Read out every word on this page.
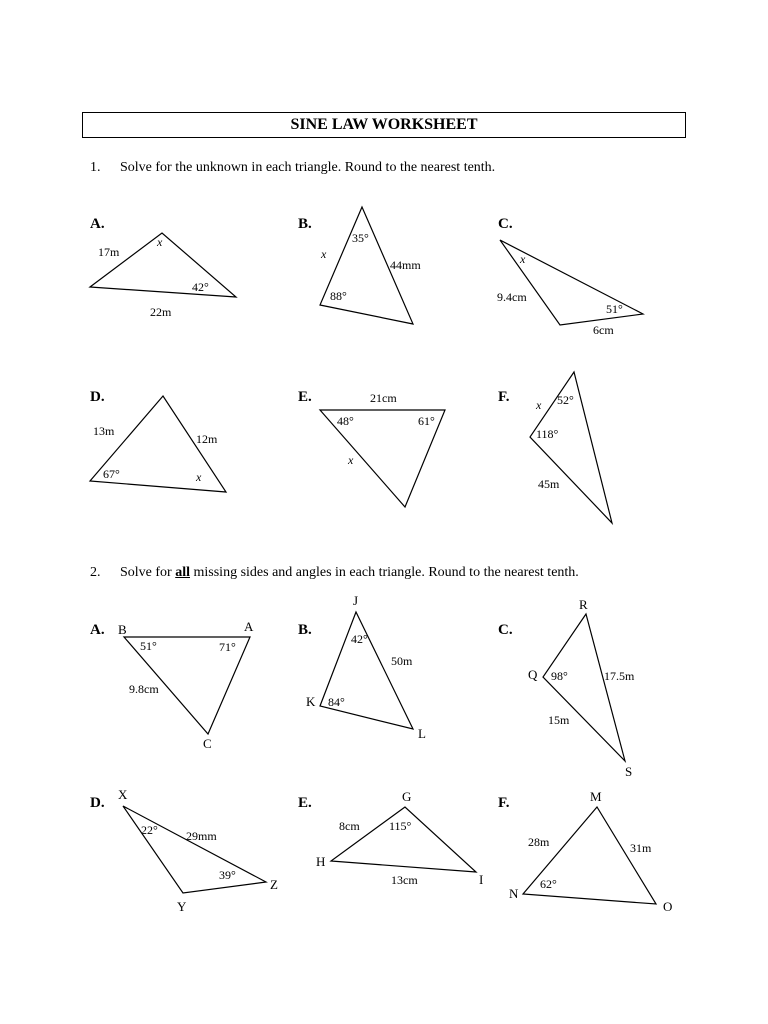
SINE LAW WORKSHEET
1. Solve for the unknown in each triangle. Round to the nearest tenth.
2. Solve for all missing sides and angles in each triangle. Round to the nearest tenth.
A.	B.	C.
D.	E.	F.
A.	B.	C.
D.	E.	F.
17m
22m
42°
x
x
44mm
35°
88°	9.4cm
6cm
51°
x
13m
12m
67°	x
21cm
x
48°	61°
45m
x 52°
118°
B	A
C
51°	71°
9.8cm
J
K
L
42°
84°
50m
R
Q
S
98°	17.5m
15m
X
Y
Z
22°
39°
29mm
G
H
I
115°
8cm
13cm
M
N
O
62°
28m	31m
